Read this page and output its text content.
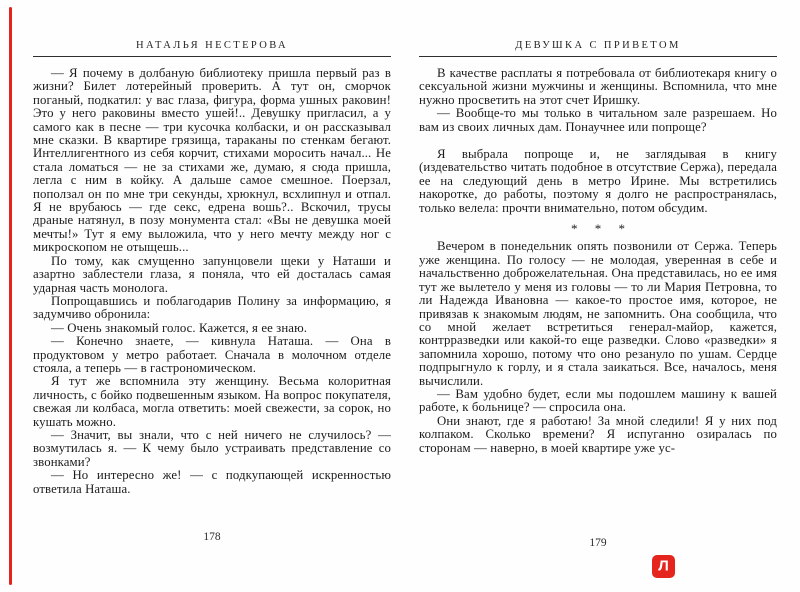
НАТАЛЬЯ НЕСТЕРОВА

— Я почему в долбаную библиотеку пришла первый раз в жизни? Билет лотерейный проверить. А тут он, сморчок поганый, подкатил: у вас глаза, фигура, форма ушных раковин! Это у него раковины вместо ушей!.. Девушку пригласил, а у самого как в песне — три кусочка колбаски, и он рассказывал мне сказки. В квартире грязища, тараканы по стенкам бегают. Интеллигентного из себя корчит, стихами моросить начал... Не стала ломаться — не за стихами же, думаю, я сюда пришла, легла с ним в койку. А дальше самое смешное. Поерзал, поползал он по мне три секунды, хрюкнул, всхлипнул и отпал. Я не врубаюсь — где секс, едрена вошь?.. Вскочил, трусы драные натянул, в позу монумента стал: «Вы не девушка моей мечты!» Тут я ему выложила, что у него мечту между ног с микроскопом не отыщешь...

По тому, как смущенно запунцовели щеки у Наташи и азартно заблестели глаза, я поняла, что ей досталась самая ударная часть монолога.

Попрощавшись и поблагодарив Полину за информацию, я задумчиво обронила:

— Очень знакомый голос. Кажется, я ее знаю.

— Конечно знаете, — кивнула Наташа. — Она в продуктовом у метро работает. Сначала в молочном отделе стояла, а теперь — в гастрономическом.

Я тут же вспомнила эту женщину. Весьма колоритная личность, с бойко подвешенным языком. На вопрос покупателя, свежая ли колбаса, могла ответить: моей свежести, за сорок, но кушать можно.

— Значит, вы знали, что с ней ничего не случилось? — возмутилась я. — К чему было устраивать представление со звонками?

— Но интересно же! — с подкупающей искренностью ответила Наташа.

178
ДЕВУШКА С ПРИВЕТОМ

В качестве расплаты я потребовала от библиотекаря книгу о сексуальной жизни мужчины и женщины. Вспомнила, что мне нужно просветить на этот счет Иришку.

— Вообще-то мы только в читальном зале разрешаем. Но вам из своих личных дам. Понаучнее или попроще?

Я выбрала попроще и, не заглядывая в книгу (издевательство читать подобное в отсутствие Сержа), передала ее на следующий день в метро Ирине. Мы встретились накоротке, до работы, поэтому я долго не распространялась, только велела: прочти внимательно, потом обсудим.

* * *

Вечером в понедельник опять позвонили от Сержа. Теперь уже женщина. По голосу — не молодая, уверенная в себе и начальственно доброжелательная. Она представилась, но ее имя тут же вылетело у меня из головы — то ли Мария Петровна, то ли Надежда Ивановна — какое-то простое имя, которое, не привязав к знакомым людям, не запомнить. Она сообщила, что со мной желает встретиться генерал-майор, кажется, контрразведки или какой-то еще разведки. Слово «разведки» я запомнила хорошо, потому что оно резануло по ушам. Сердце подпрыгнуло к горлу, и я стала заикаться. Все, началось, меня вычислили.

— Вам удобно будет, если мы подошлем машину к вашей работе, к больнице? — спросила она.

Они знают, где я работаю! За мной следили! Я у них под колпаком. Сколько времени? Я испуганно озиралась по сторонам — наверно, в моей квартире уже ус-

179
Л
